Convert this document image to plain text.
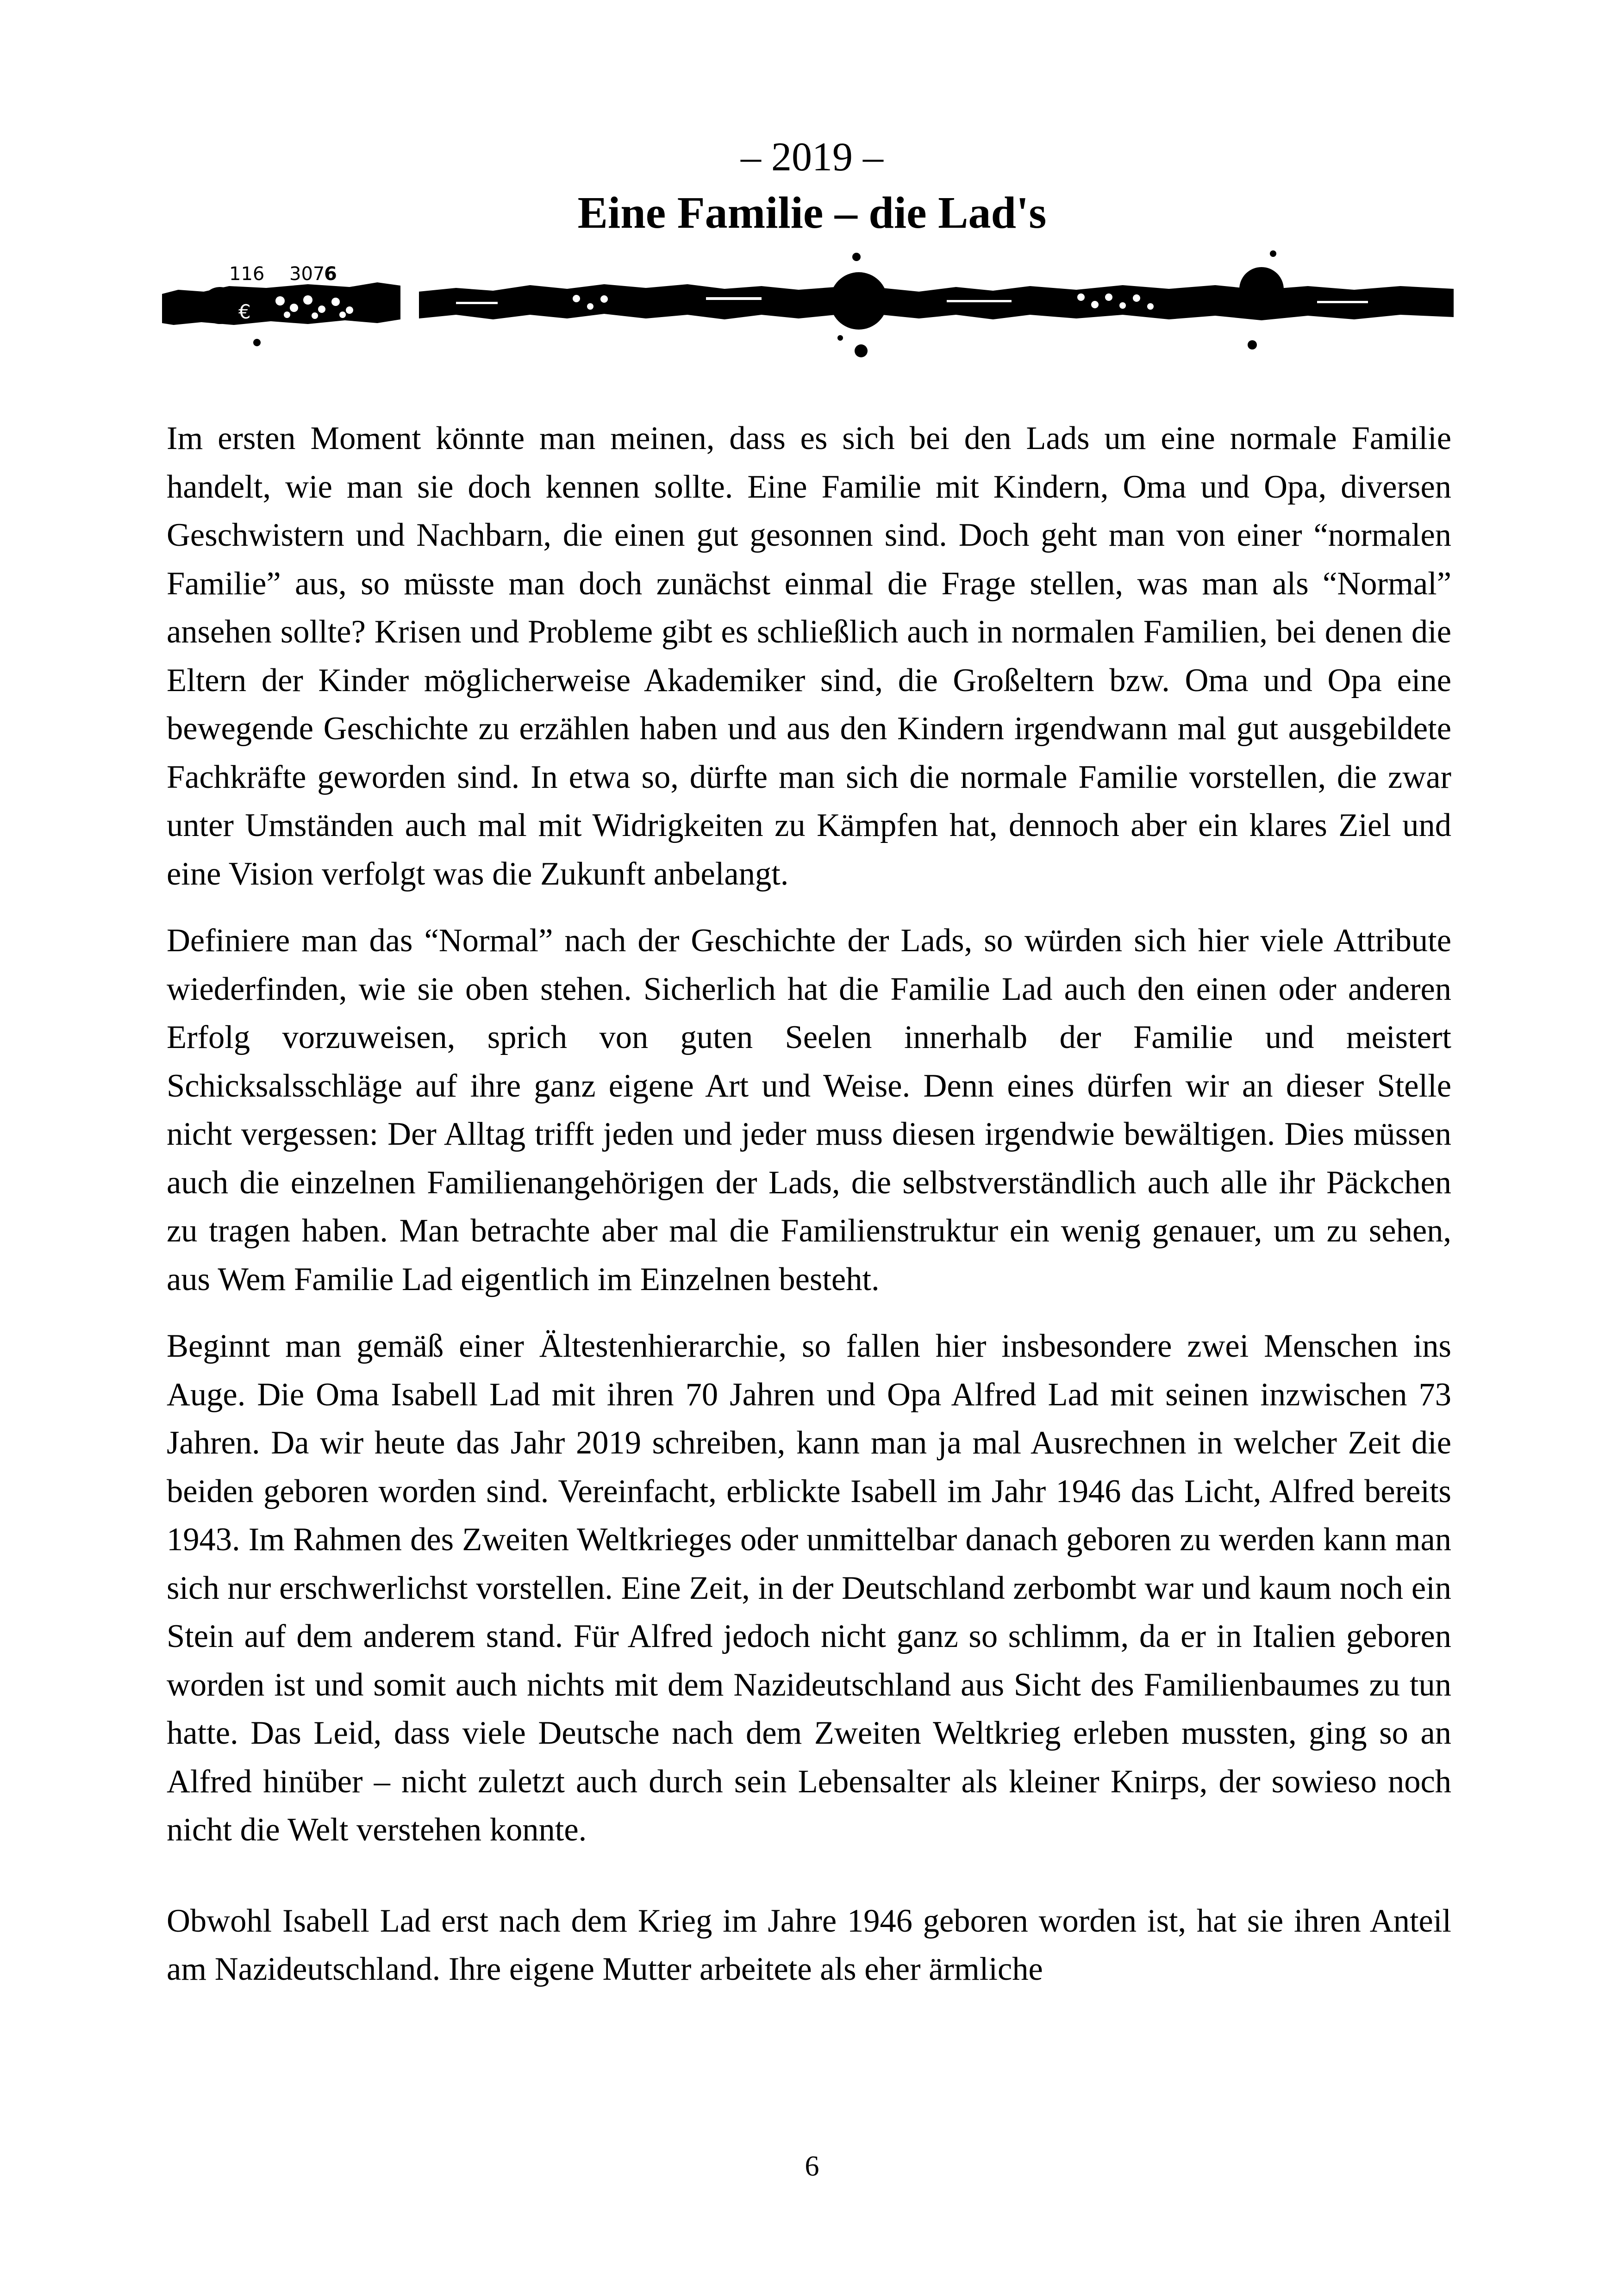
– 2019 –
Eine Familie – die Lad's
116 307
6
€

Im ersten Moment könnte man meinen, dass es sich bei den Lads um eine normale Familie handelt, wie man sie doch kennen sollte. Eine Familie mit Kindern, Oma und Opa, diversen Geschwistern und Nachbarn, die einen gut gesonnen sind. Doch geht man von einer “normalen Familie” aus, so müsste man doch zunächst einmal die Frage stellen, was man als “Normal” ansehen sollte? Krisen und Probleme gibt es schließlich auch in normalen Familien, bei denen die Eltern der Kinder möglicherweise Akademiker sind, die Großeltern bzw. Oma und Opa eine bewegende Geschichte zu erzählen haben und aus den Kindern irgendwann mal gut ausgebildete Fachkräfte geworden sind. In etwa so, dürfte man sich die normale Familie vorstellen, die zwar unter Umständen auch mal mit Widrigkeiten zu Kämpfen hat, dennoch aber ein klares Ziel und eine Vision verfolgt was die Zukunft anbelangt.

Definiere man das “Normal” nach der Geschichte der Lads, so würden sich hier viele Attribute wiederfinden, wie sie oben stehen. Sicherlich hat die Familie Lad auch den einen oder anderen Erfolg vorzuweisen, sprich von guten Seelen innerhalb der Familie und meistert Schicksalsschläge auf ihre ganz eigene Art und Weise. Denn eines dürfen wir an dieser Stelle nicht vergessen: Der Alltag trifft jeden und jeder muss diesen irgendwie bewältigen. Dies müssen auch die einzelnen Familienangehörigen der Lads, die selbstverständlich auch alle ihr Päckchen zu tragen haben. Man betrachte aber mal die Familienstruktur ein wenig genauer, um zu sehen, aus Wem Familie Lad eigentlich im Einzelnen besteht.

Beginnt man gemäß einer Ältestenhierarchie, so fallen hier insbesondere zwei Menschen ins Auge. Die Oma Isabell Lad mit ihren 70 Jahren und Opa Alfred Lad mit seinen inzwischen 73 Jahren. Da wir heute das Jahr 2019 schreiben, kann man ja mal Ausrechnen in welcher Zeit die beiden geboren worden sind. Vereinfacht, erblickte Isabell im Jahr 1946 das Licht, Alfred bereits 1943. Im Rahmen des Zweiten Weltkrieges oder unmittelbar danach geboren zu werden kann man sich nur erschwerlichst vorstellen. Eine Zeit, in der Deutschland zerbombt war und kaum noch ein Stein auf dem anderem stand. Für Alfred jedoch nicht ganz so schlimm, da er in Italien geboren worden ist und somit auch nichts mit dem Nazideutschland aus Sicht des Familienbaumes zu tun hatte. Das Leid, dass viele Deutsche nach dem Zweiten Weltkrieg erleben mussten, ging so an Alfred hinüber – nicht zuletzt auch durch sein Lebensalter als kleiner Knirps, der sowieso noch nicht die Welt verstehen konnte.

Obwohl Isabell Lad erst nach dem Krieg im Jahre 1946 geboren worden ist, hat sie ihren Anteil am Nazideutschland. Ihre eigene Mutter arbeitete als eher ärmliche

6
